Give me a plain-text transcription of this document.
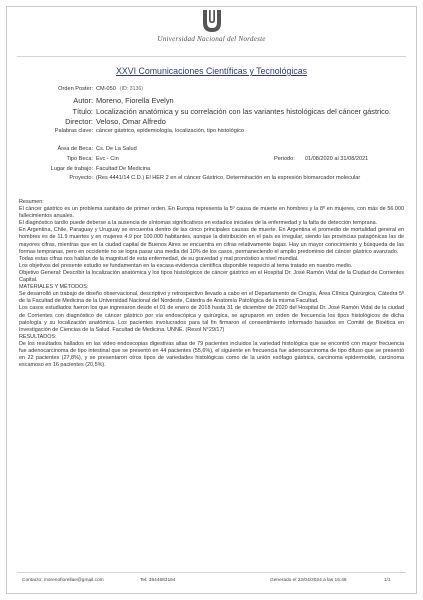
Universidad Nacional del Nordeste
XXVI Comunicaciones Científicas y Tecnológicas
Orden Poster: CM-050 (ID: 3136)
Autor: Moreno, Fiorella Evelyn
Título: Localización anatómica y su correlación con las variantes histológicas del cáncer gástrico.
Director: Veloso, Omar Alfredo
Palabras clave: cáncer gástrico, epidemiología, localización, tipo histológico
Área de Beca: Cs. De La Salud
Tipo Beca: Evc - Cin	Periodo: 01/08/2020 al 31/08/2021
Lugar de trabajo: Facultad De Medicina
Proyecto: (Res 4441/14 C.D.) El HER 2 en el cáncer Gástrico. Determinación en la expresión biomarcador molecular

Resumen:

El cáncer gástrico es un problema sanitario de primer orden. En Europa representa la 5º causa de muerte en hombres y la 8º en mujeres, con más de 56.000 fallecimientos anuales.

El diagnóstico tardío puede deberse a la ausencia de síntomas significativos en estadios iniciales de la enfermedad y la falta de detección temprana.

En Argentina, Chile, Paraguay y Uruguay se encuentra dentro de las cinco principales causas de muerte. En Argentina el promedio de mortalidad general en hombres es de 11.9 muertes y en mujeres 4.9 por 100.000 habitantes, aunque la distribución en el país es irregular, siendo las provincias patagónicas las de mayores cifras, mientras que en la ciudad capital de Buenos Aires se encuentra en cifras relativamente bajas. Hay un mayor conocimiento y búsqueda de las formas tempranas, pero en occidente no se logra pasar una media del 10% de los casos, permaneciendo el amplio predominio del cáncer gástrico avanzado.

Todas estas cifras nos hablan de la magnitud de esta enfermedad, de su gravedad y mal pronóstico a nivel mundial.

Los objetivos del presente estudio se fundamentan en la escasa evidencia científica disponible respecto al tema tratado en nuestro medio.

Objetivo General: Describir la localización anatómica y los tipos histológicos de cáncer gástrico en el Hospital Dr. José Ramón Vidal de la Ciudad de Corrientes Capital.

MATERIALES Y MÉTODOS:

Se desarrolló un trabajo de diseño observacional, descriptivo y retrospectivo llevado a cabo en el Departamento de Cirugía, Área Clínica Quirúrgica, Cátedra 5º de la Facultad de Medicina de la Universidad Nacional del Nordeste, Cátedra de Anatomía Patológica de la misma Facultad.

Los casos estudiados fueron los que ingresaron desde el 01 de enero de 2018 hasta 31 de diciembre de 2020 del Hospital Dr. José Ramón Vidal de la ciudad de Corrientes con diagnóstico de cáncer gástrico por vía endoscópica y quirúrgica, se agruparon en orden de frecuencia los tipos histológicos de dicha patología y su localización anatómica. Los pacientes involucrados para tal fin firmaron el consentimiento informado basados en Comité de Bioética en Investigación de Ciencias de la Salud. Facultad de Medicina. UNNE. (Resol N°29/17)

RESULTADOS:

De los resultados hallados en las video endoscopias digestivas altas de 79 pacientes incluidos la variedad histológica que se encontró con mayor frecuencia fue adenocarcinoma de tipo intestinal que se presentó en 44 pacientes (55,6%), el siguiente en frecuencia fue adenocarcinoma de tipo difuso que se presentó en 22 pacientes (27,8%), y se presentaron otros tipos de variedades histológicas como de la unión esófago gástrica, carcinoma epidermoide, carcinoma escamoso en 16 pacientes (20,5%).

Contacto: morenofiorellae@gmail.com	Tel: 3644683164	Generado el 22/04/2024 a las 15:46	1/1
